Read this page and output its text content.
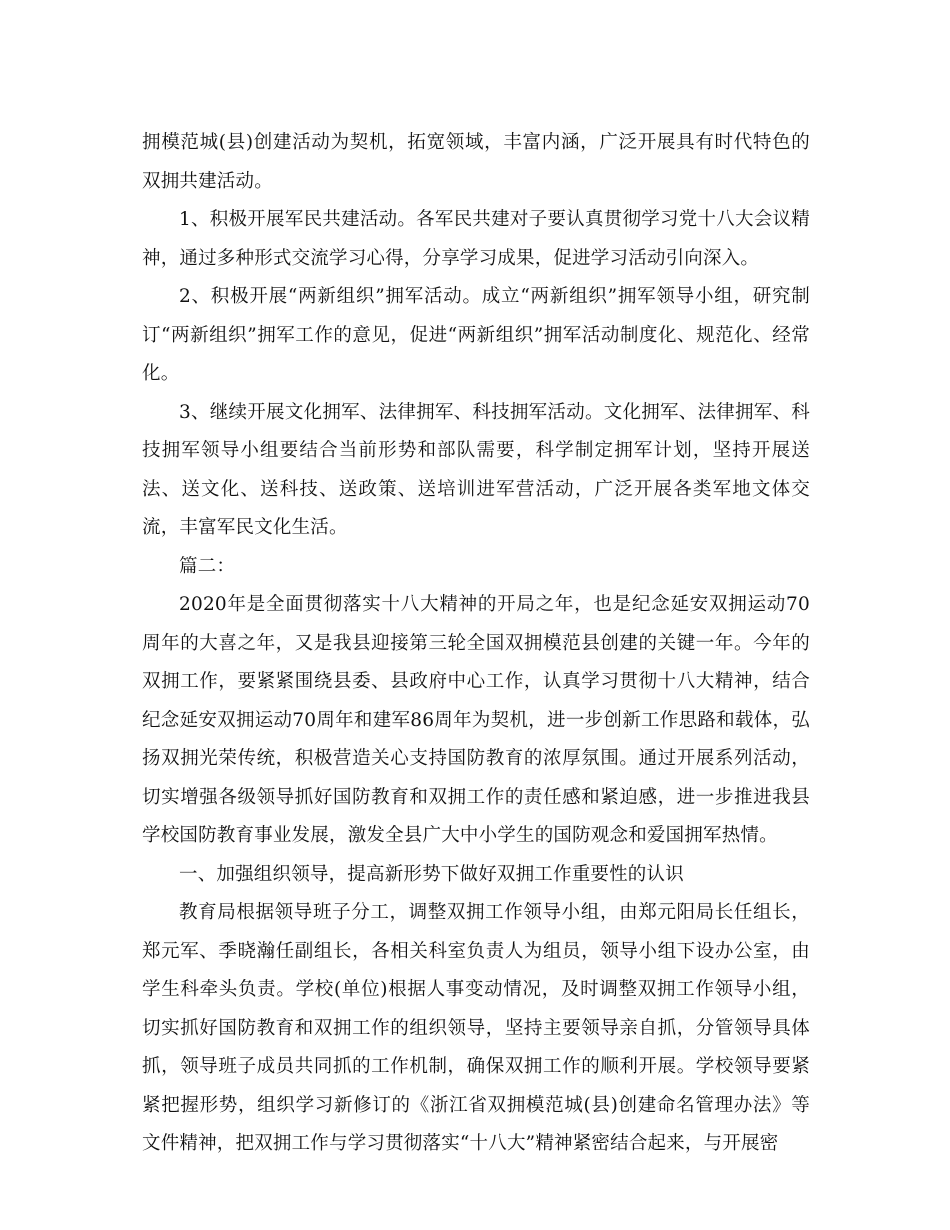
拥模范城(县)创建活动为契机，拓宽领域，丰富内涵，广泛开展具有时代特色的双拥共建活动。

1、积极开展军民共建活动。各军民共建对子要认真贯彻学习党十八大会议精神，通过多种形式交流学习心得，分享学习成果，促进学习活动引向深入。

2、积极开展“两新组织”拥军活动。成立“两新组织”拥军领导小组，研究制订“两新组织”拥军工作的意见，促进“两新组织”拥军活动制度化、规范化、经常化。

3、继续开展文化拥军、法律拥军、科技拥军活动。文化拥军、法律拥军、科技拥军领导小组要结合当前形势和部队需要，科学制定拥军计划，坚持开展送法、送文化、送科技、送政策、送培训进军营活动，广泛开展各类军地文体交流，丰富军民文化生活。

篇二：

2020年是全面贯彻落实十八大精神的开局之年，也是纪念延安双拥运动70周年的大喜之年，又是我县迎接第三轮全国双拥模范县创建的关键一年。今年的双拥工作，要紧紧围绕县委、县政府中心工作，认真学习贯彻十八大精神，结合纪念延安双拥运动70周年和建军86周年为契机，进一步创新工作思路和载体，弘扬双拥光荣传统，积极营造关心支持国防教育的浓厚氛围。通过开展系列活动，切实增强各级领导抓好国防教育和双拥工作的责任感和紧迫感，进一步推进我县学校国防教育事业发展，激发全县广大中小学生的国防观念和爱国拥军热情。

一、加强组织领导，提高新形势下做好双拥工作重要性的认识

教育局根据领导班子分工，调整双拥工作领导小组，由郑元阳局长任组长，郑元军、季晓瀚任副组长，各相关科室负责人为组员，领导小组下设办公室，由学生科牵头负责。学校(单位)根据人事变动情况，及时调整双拥工作领导小组，切实抓好国防教育和双拥工作的组织领导，坚持主要领导亲自抓，分管领导具体抓，领导班子成员共同抓的工作机制，确保双拥工作的顺利开展。学校领导要紧紧把握形势，组织学习新修订的《浙江省双拥模范城(县)创建命名管理办法》等文件精神，把双拥工作与学习贯彻落实“十八大”精神紧密结合起来，与开展密
